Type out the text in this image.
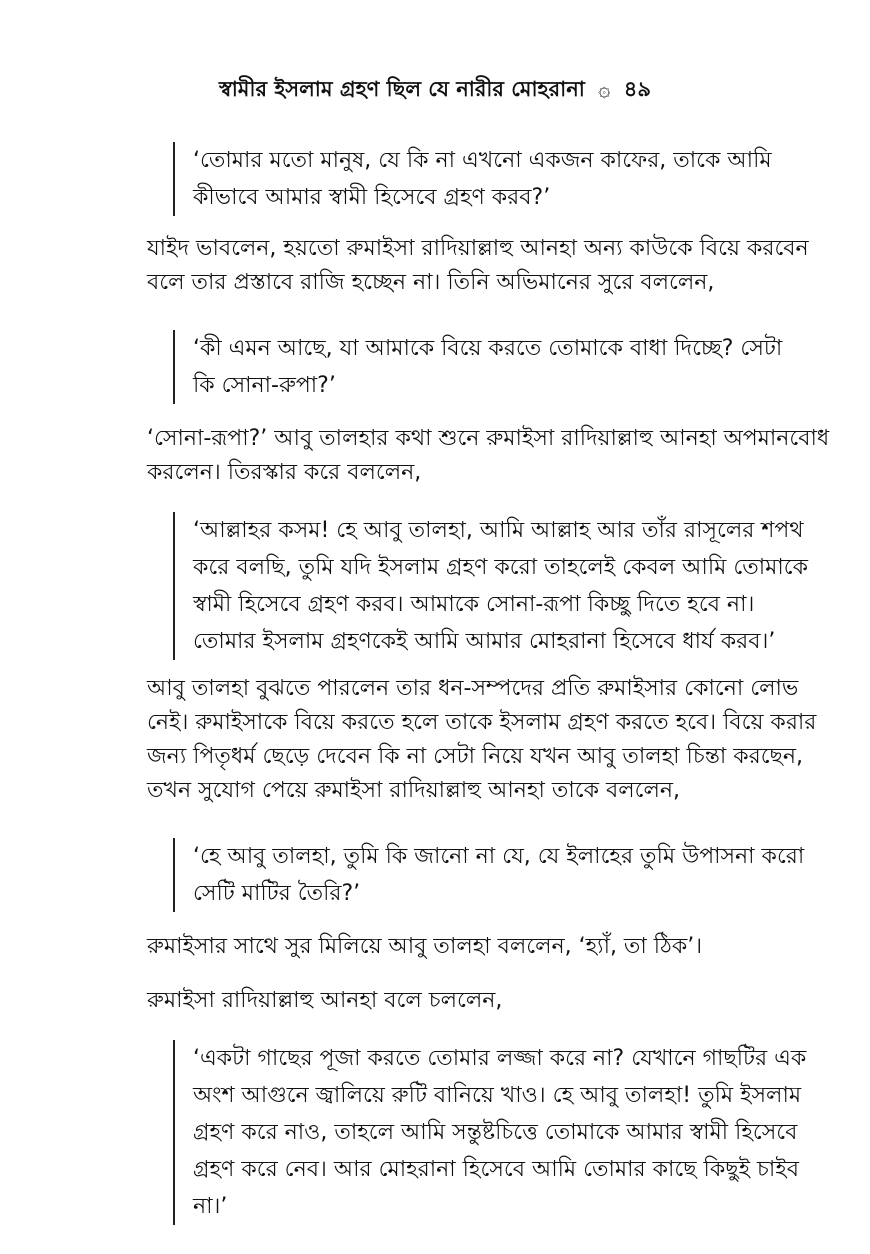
স্বামীর ইসলাম গ্রহণ ছিল যে নারীর মোহরানা ۞ ৪৯
‘তোমার মতো মানুষ, যে কি না এখনো একজন কাফের, তাকে আমি
কীভাবে আমার স্বামী হিসেবে গ্রহণ করব?’
যাইদ ভাবলেন, হয়তো রুমাইসা রাদিয়াল্লাহু আনহা অন্য কাউকে বিয়ে করবেন
বলে তার প্রস্তাবে রাজি হচ্ছেন না। তিনি অভিমানের সুরে বললেন,
‘কী এমন আছে, যা আমাকে বিয়ে করতে তোমাকে বাধা দিচ্ছে? সেটা
কি সোনা-রুপা?’
‘সোনা-রূপা?’ আবু তালহার কথা শুনে রুমাইসা রাদিয়াল্লাহু আনহা অপমানবোধ
করলেন। তিরস্কার করে বললেন,
‘আল্লাহর কসম! হে আবু তালহা, আমি আল্লাহ আর তাঁর রাসূলের শপথ
করে বলছি, তুমি যদি ইসলাম গ্রহণ করো তাহলেই কেবল আমি তোমাকে
স্বামী হিসেবে গ্রহণ করব। আমাকে সোনা-রূপা কিচ্ছু দিতে হবে না।
তোমার ইসলাম গ্রহণকেই আমি আমার মোহরানা হিসেবে ধার্য করব।’
আবু তালহা বুঝতে পারলেন তার ধন-সম্পদের প্রতি রুমাইসার কোনো লোভ
নেই। রুমাইসাকে বিয়ে করতে হলে তাকে ইসলাম গ্রহণ করতে হবে। বিয়ে করার
জন্য পিতৃধর্ম ছেড়ে দেবেন কি না সেটা নিয়ে যখন আবু তালহা চিন্তা করছেন,
তখন সুযোগ পেয়ে রুমাইসা রাদিয়াল্লাহু আনহা তাকে বললেন,
‘হে আবু তালহা, তুমি কি জানো না যে, যে ইলাহের তুমি উপাসনা করো
সেটি মাটির তৈরি?’
রুমাইসার সাথে সুর মিলিয়ে আবু তালহা বললেন, ‘হ্যাঁ, তা ঠিক’।
রুমাইসা রাদিয়াল্লাহু আনহা বলে চললেন,
‘একটা গাছের পূজা করতে তোমার লজ্জা করে না? যেখানে গাছটির এক
অংশ আগুনে জ্বালিয়ে রুটি বানিয়ে খাও। হে আবু তালহা! তুমি ইসলাম
গ্রহণ করে নাও, তাহলে আমি সন্তুষ্টচিত্তে তোমাকে আমার স্বামী হিসেবে
গ্রহণ করে নেব। আর মোহরানা হিসেবে আমি তোমার কাছে কিছুই চাইব
না।’
